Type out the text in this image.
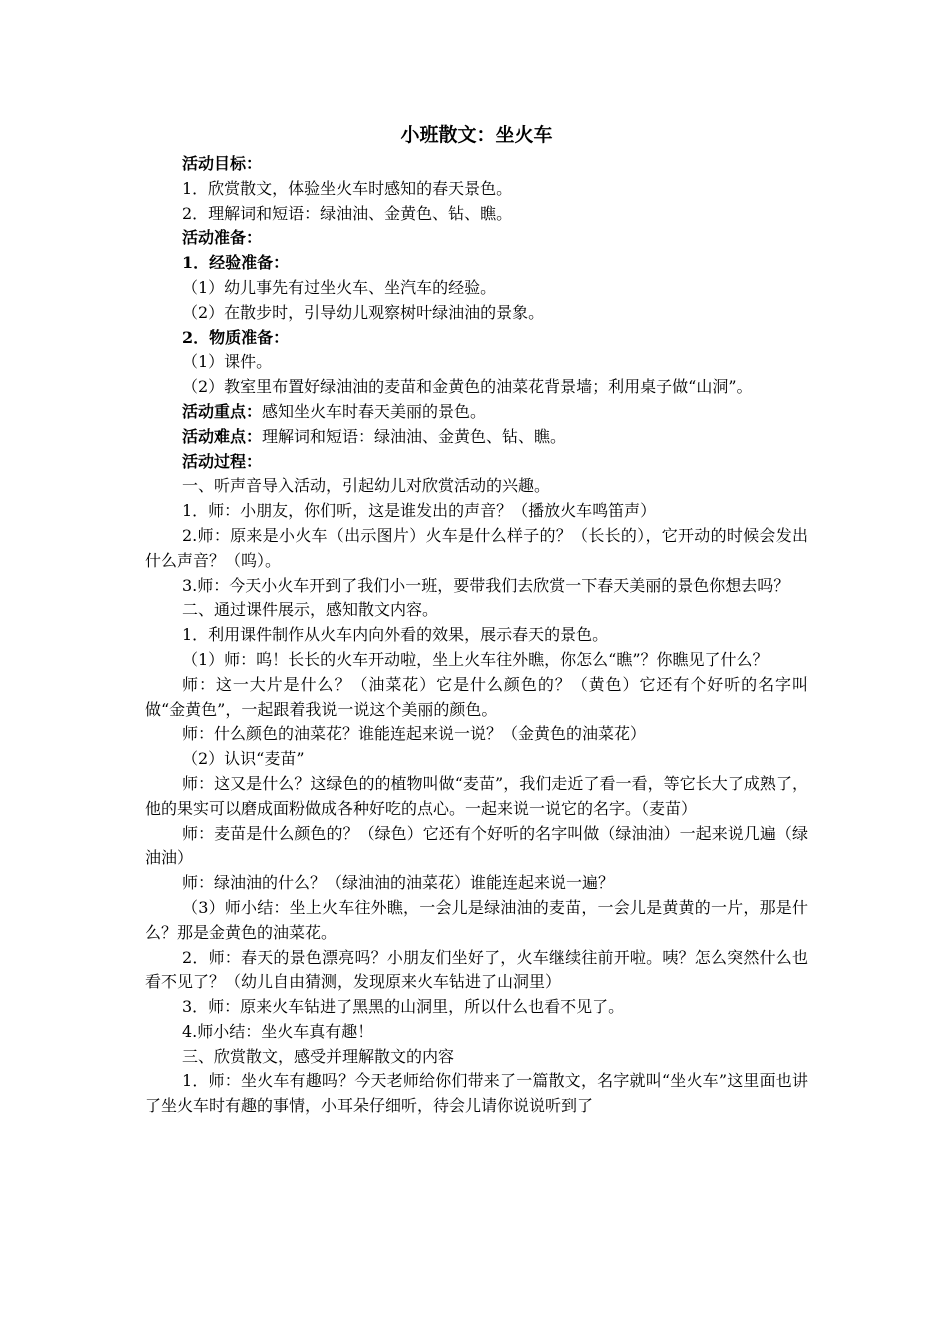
小班散文：坐火车
活动目标：
1．欣赏散文，体验坐火车时感知的春天景色。
2．理解词和短语：绿油油、金黄色、钻、瞧。
活动准备：
1．经验准备：
（1）幼儿事先有过坐火车、坐汽车的经验。
（2）在散步时，引导幼儿观察树叶绿油油的景象。
2．物质准备：
（1）课件。
（2）教室里布置好绿油油的麦苗和金黄色的油菜花背景墙；利用桌子做“山洞”。
活动重点：感知坐火车时春天美丽的景色。
活动难点：理解词和短语：绿油油、金黄色、钻、瞧。
活动过程：
一、听声音导入活动，引起幼儿对欣赏活动的兴趣。
1．师：小朋友，你们听，这是谁发出的声音？（播放火车鸣笛声）
2.师：原来是小火车（出示图片）火车是什么样子的？（长长的），它开动的时候会发出什么声音？（呜）。
3.师：今天小火车开到了我们小一班，要带我们去欣赏一下春天美丽的景色你想去吗？
二、通过课件展示，感知散文内容。
1．利用课件制作从火车内向外看的效果，展示春天的景色。
（1）师：呜！长长的火车开动啦，坐上火车往外瞧，你怎么“瞧”？你瞧见了什么？
师：这一大片是什么？（油菜花）它是什么颜色的？（黄色）它还有个好听的名字叫做“金黄色”，一起跟着我说一说这个美丽的颜色。
师：什么颜色的油菜花？谁能连起来说一说？（金黄色的油菜花）
（2）认识“麦苗”
师：这又是什么？这绿色的的植物叫做“麦苗”，我们走近了看一看，等它长大了成熟了，他的果实可以磨成面粉做成各种好吃的点心。一起来说一说它的名字。（麦苗）
师：麦苗是什么颜色的？（绿色）它还有个好听的名字叫做（绿油油）一起来说几遍（绿油油）
师：绿油油的什么？（绿油油的油菜花）谁能连起来说一遍？
（3）师小结：坐上火车往外瞧，一会儿是绿油油的麦苗，一会儿是黄黄的一片，那是什么？那是金黄色的油菜花。
2．师：春天的景色漂亮吗？小朋友们坐好了，火车继续往前开啦。咦？怎么突然什么也看不见了？（幼儿自由猜测，发现原来火车钻进了山洞里）
3．师：原来火车钻进了黑黑的山洞里，所以什么也看不见了。
4.师小结：坐火车真有趣！
三、欣赏散文，感受并理解散文的内容
1．师：坐火车有趣吗？今天老师给你们带来了一篇散文，名字就叫“坐火车”这里面也讲了坐火车时有趣的事情，小耳朵仔细听，待会儿请你说说听到了
